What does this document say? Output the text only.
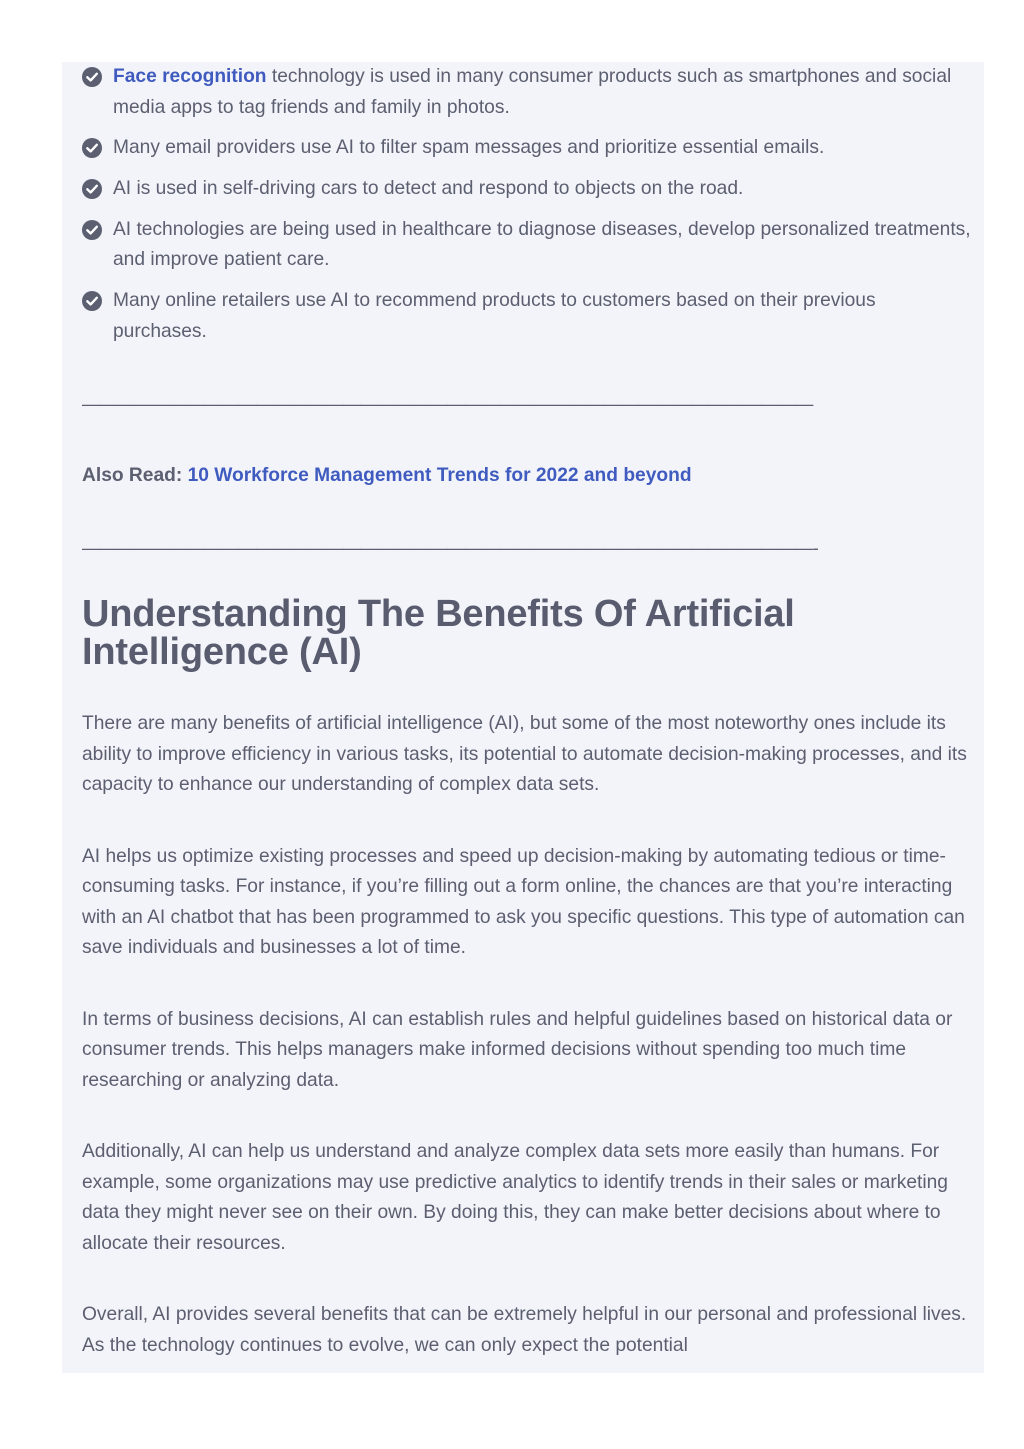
Face recognition technology is used in many consumer products such as smartphones and social media apps to tag friends and family in photos.
Many email providers use AI to filter spam messages and prioritize essential emails.
AI is used in self-driving cars to detect and respond to objects on the road.
AI technologies are being used in healthcare to diagnose diseases, develop personalized treatments, and improve patient care.
Many online retailers use AI to recommend products to customers based on their previous purchases.
——————————————————————————————————————————
Also Read: 10 Workforce Management Trends for 2022 and beyond
——————————————————————————————————————————-
Understanding The Benefits Of Artificial Intelligence (AI)

There are many benefits of artificial intelligence (AI), but some of the most noteworthy ones include its ability to improve efficiency in various tasks, its potential to automate decision-making processes, and its capacity to enhance our understanding of complex data sets.

AI helps us optimize existing processes and speed up decision-making by automating tedious or time-consuming tasks. For instance, if you’re filling out a form online, the chances are that you’re interacting with an AI chatbot that has been programmed to ask you specific questions. This type of automation can save individuals and businesses a lot of time.

In terms of business decisions, AI can establish rules and helpful guidelines based on historical data or consumer trends. This helps managers make informed decisions without spending too much time researching or analyzing data.

Additionally, AI can help us understand and analyze complex data sets more easily than humans. For example, some organizations may use predictive analytics to identify trends in their sales or marketing data they might never see on their own. By doing this, they can make better decisions about where to allocate their resources.

Overall, AI provides several benefits that can be extremely helpful in our personal and professional lives. As the technology continues to evolve, we can only expect the potential
